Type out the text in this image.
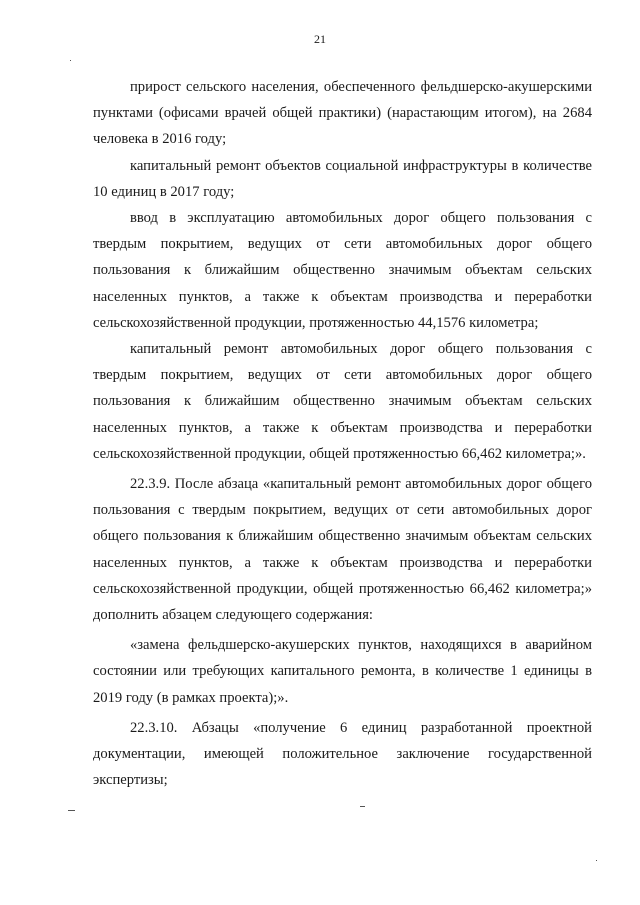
21

прирост сельского населения, обеспеченного фельдшерско-акушерскими пунктами (офисами врачей общей практики) (нарастающим итогом), на 2684 человека в 2016 году;

капитальный ремонт объектов социальной инфраструктуры в количестве 10 единиц в 2017 году;

ввод в эксплуатацию автомобильных дорог общего пользования с твердым покрытием, ведущих от сети автомобильных дорог общего пользования к ближайшим общественно значимым объектам сельских населенных пунктов, а также к объектам производства и переработки сельскохозяйственной продукции, протяженностью 44,1576 километра;

капитальный ремонт автомобильных дорог общего пользования с твердым покрытием, ведущих от сети автомобильных дорог общего пользования к ближайшим общественно значимым объектам сельских населенных пунктов, а также к объектам производства и переработки сельскохозяйственной продукции, общей протяженностью 66,462 километра;».

22.3.9. После абзаца «капитальный ремонт автомобильных дорог общего пользования с твердым покрытием, ведущих от сети автомобильных дорог общего пользования к ближайшим общественно значимым объектам сельских населенных пунктов, а также к объектам производства и переработки сельскохозяйственной продукции, общей протяженностью 66,462 километра;» дополнить абзацем следующего содержания:

«замена фельдшерско-акушерских пунктов, находящихся в аварийном состоянии или требующих капитального ремонта, в количестве 1 единицы в 2019 году (в рамках проекта);».

22.3.10. Абзацы «получение 6 единиц разработанной проектной документации, имеющей положительное заключение государственной экспертизы;
